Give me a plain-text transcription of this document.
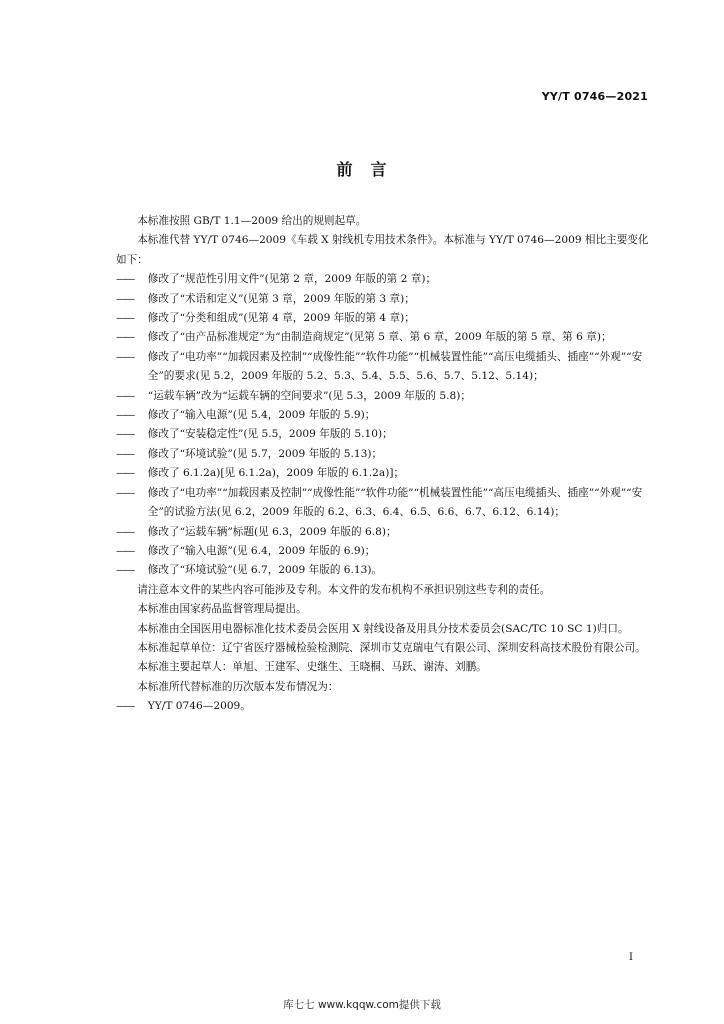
YY/T 0746—2021
前　言

本标准按照 GB/T 1.1—2009 给出的规则起草。

本标准代替 YY/T 0746—2009《车载 X 射线机专用技术条件》。本标准与 YY/T 0746—2009 相比主要变化如下：

—— 修改了“规范性引用文件”(见第 2 章，2009 年版的第 2 章)；

—— 修改了“术语和定义”(见第 3 章，2009 年版的第 3 章)；

—— 修改了“分类和组成”(见第 4 章，2009 年版的第 4 章)；

—— 修改了“由产品标准规定”为“由制造商规定”(见第 5 章、第 6 章，2009 年版的第 5 章、第 6 章)；

—— 修改了“电功率”“加载因素及控制”“成像性能”“软件功能”“机械装置性能”“高压电缆插头、插座”“外观”“安全”的要求(见 5.2，2009 年版的 5.2、5.3、5.4、5.5、5.6、5.7、5.12、5.14)；

—— “运载车辆”改为“运载车辆的空间要求”(见 5.3，2009 年版的 5.8)；

—— 修改了“输入电源”(见 5.4，2009 年版的 5.9)；

—— 修改了“安装稳定性”(见 5.5，2009 年版的 5.10)；

—— 修改了“环境试验”(见 5.7，2009 年版的 5.13)；

—— 修改了 6.1.2a)[见 6.1.2a)，2009 年版的 6.1.2a)]；

—— 修改了“电功率”“加载因素及控制”“成像性能”“软件功能”“机械装置性能”“高压电缆插头、插座”“外观”“安全”的试验方法(见 6.2，2009 年版的 6.2、6.3、6.4、6.5、6.6、6.7、6.12、6.14)；

—— 修改了“运载车辆”标题(见 6.3，2009 年版的 6.8)；

—— 修改了“输入电源”(见 6.4，2009 年版的 6.9)；

—— 修改了“环境试验”(见 6.7，2009 年版的 6.13)。

请注意本文件的某些内容可能涉及专利。本文件的发布机构不承担识别这些专利的责任。

本标准由国家药品监督管理局提出。

本标准由全国医用电器标准化技术委员会医用 X 射线设备及用具分技术委员会(SAC/TC 10 SC 1)归口。

本标准起草单位：辽宁省医疗器械检验检测院、深圳市艾克瑞电气有限公司、深圳安科高技术股份有限公司。

本标准主要起草人：单旭、王建军、史继生、王晓桐、马跃、谢涛、刘鹏。

本标准所代替标准的历次版本发布情况为：

—— YY/T 0746—2009。

I
库七七 www.kqqw.com提供下载
